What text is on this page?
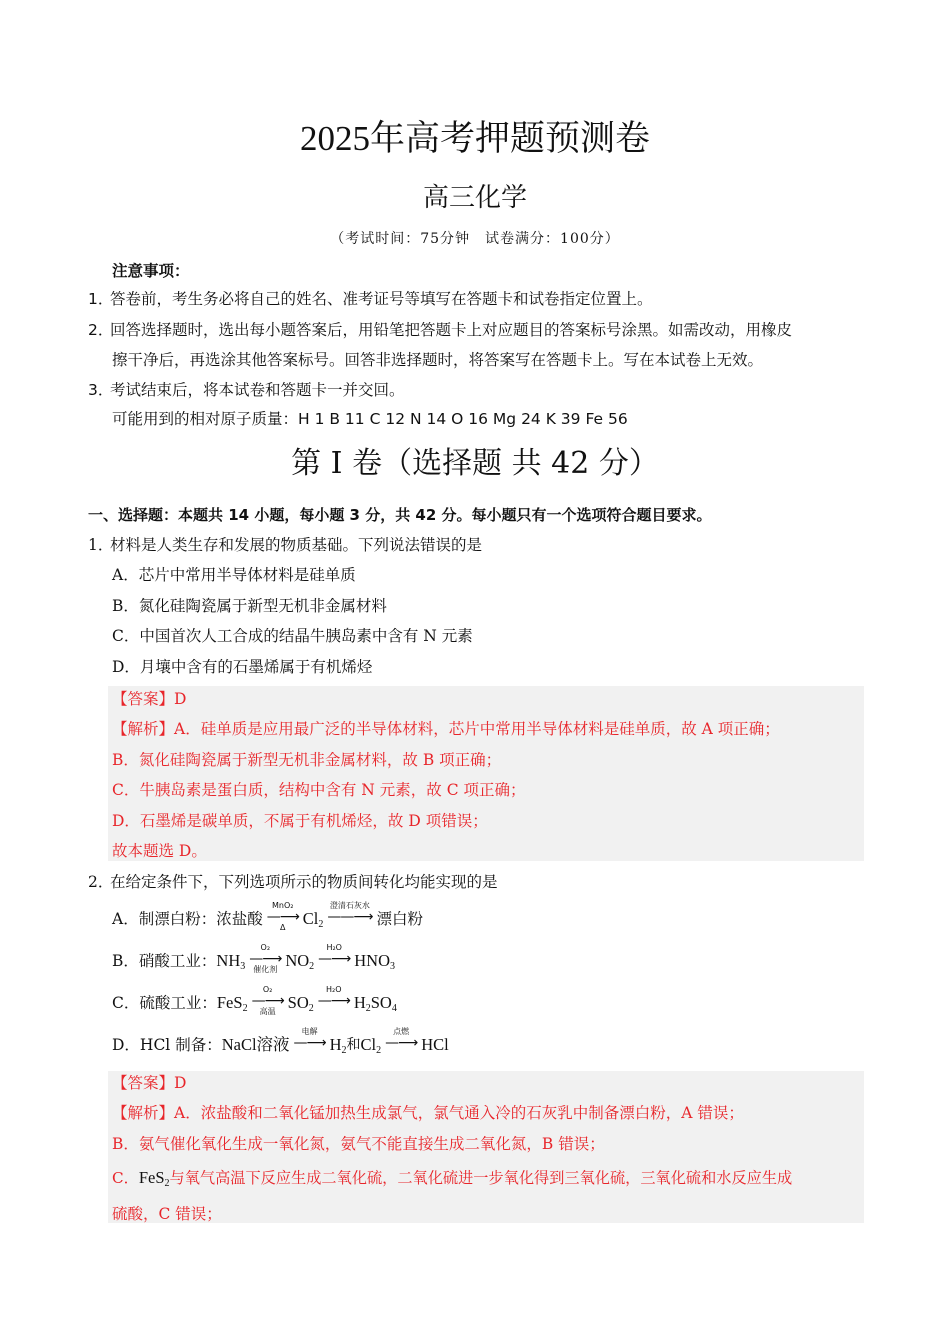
2025年高考押题预测卷
高三化学
（考试时间：75分钟　试卷满分：100分）
注意事项：
1．答卷前，考生务必将自己的姓名、准考证号等填写在答题卡和试卷指定位置上。
2．回答选择题时，选出每小题答案后，用铅笔把答题卡上对应题目的答案标号涂黑。如需改动，用橡皮
擦干净后，再选涂其他答案标号。回答非选择题时，将答案写在答题卡上。写在本试卷上无效。
3．考试结束后，将本试卷和答题卡一并交回。
可能用到的相对原子质量：H 1 B 11 C 12 N 14 O 16 Mg 24 K 39 Fe 56
第 I 卷（选择题 共 42 分）
一、选择题：本题共 14 小题，每小题 3 分，共 42 分。每小题只有一个选项符合题目要求。
1．材料是人类生存和发展的物质基础。下列说法错误的是
A．芯片中常用半导体材料是硅单质
B．氮化硅陶瓷属于新型无机非金属材料
C．中国首次人工合成的结晶牛胰岛素中含有 N 元素
D．月壤中含有的石墨烯属于有机烯烃
【答案】D
【解析】A．硅单质是应用最广泛的半导体材料，芯片中常用半导体材料是硅单质，故 A 项正确；
B．氮化硅陶瓷属于新型无机非金属材料，故 B 项正确；
C．牛胰岛素是蛋白质，结构中含有 N 元素，故 C 项正确；
D．石墨烯是碳单质，不属于有机烯烃，故 D 项错误；
故本题选 D。
2．在给定条件下，下列选项所示的物质间转化均能实现的是
A．制漂白粉： 浓盐酸
MnO₂
—⟶
Δ $Cl_2$
澄清石灰水
——⟶ 漂白粉
B．硝酸工业： $NH_3$
O₂
—⟶
催化剂 $NO_2$
H₂O
—⟶ $HNO_3$
C．硫酸工业： FeS$_2$
O₂
—⟶
高温 $SO_2$
H₂O
—⟶ $H_2SO_4$
D．HCl 制备： NaCl溶液
电解
—⟶ $H_2$ 和 $Cl_2$
点燃
—⟶ HCl
【答案】D
【解析】A．浓盐酸和二氧化锰加热生成氯气，氯气通入冷的石灰乳中制备漂白粉，A 错误；
B．氨气催化氧化生成一氧化氮，氨气不能直接生成二氧化氮，B 错误；
C．FeS$_2$与氧气高温下反应生成二氧化硫，二氧化硫进一步氧化得到三氧化硫，三氧化硫和水反应生成
硫酸，C 错误；
